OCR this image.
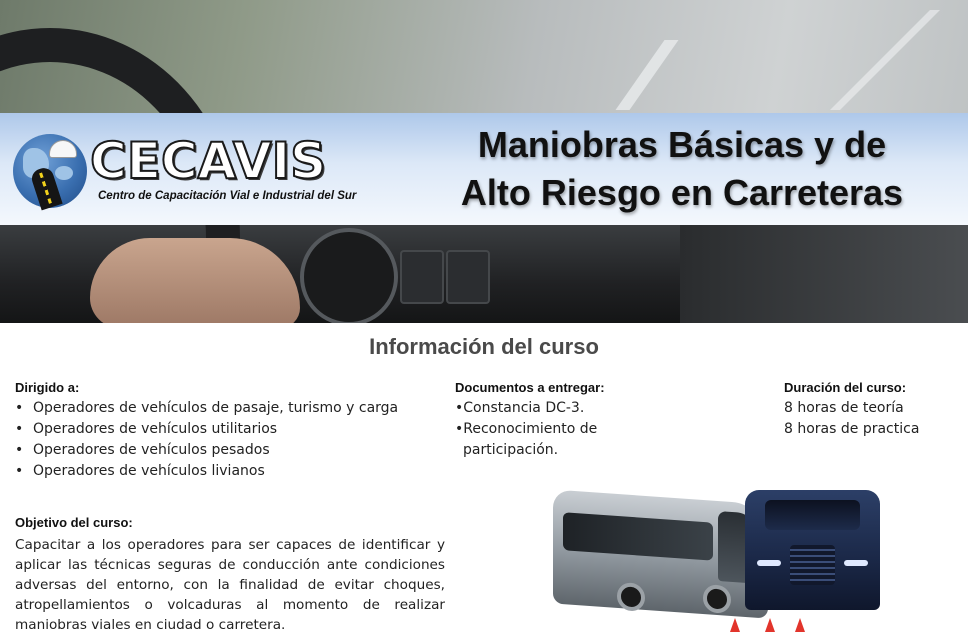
CECAVIS
Centro de Capacitación Vial e Industrial del Sur
Maniobras Básicas y de
Alto Riesgo en Carreteras
Información del curso
Dirigido a:
• Operadores de vehículos de pasaje, turismo y carga
• Operadores de vehículos utilitarios
• Operadores de vehículos pesados
• Operadores de vehículos livianos
Documentos a entregar:
•Constancia DC-3.
•Reconocimiento de
participación.
Duración del curso:
8 horas de teoría
8 horas de practica
Objetivo del curso:

Capacitar a los operadores para ser capaces de identificar y aplicar las técnicas seguras de conducción ante condiciones adversas del entorno, con la finalidad de evitar choques, atropellamientos o volcaduras al momento de realizar maniobras viales en ciudad o carretera.
